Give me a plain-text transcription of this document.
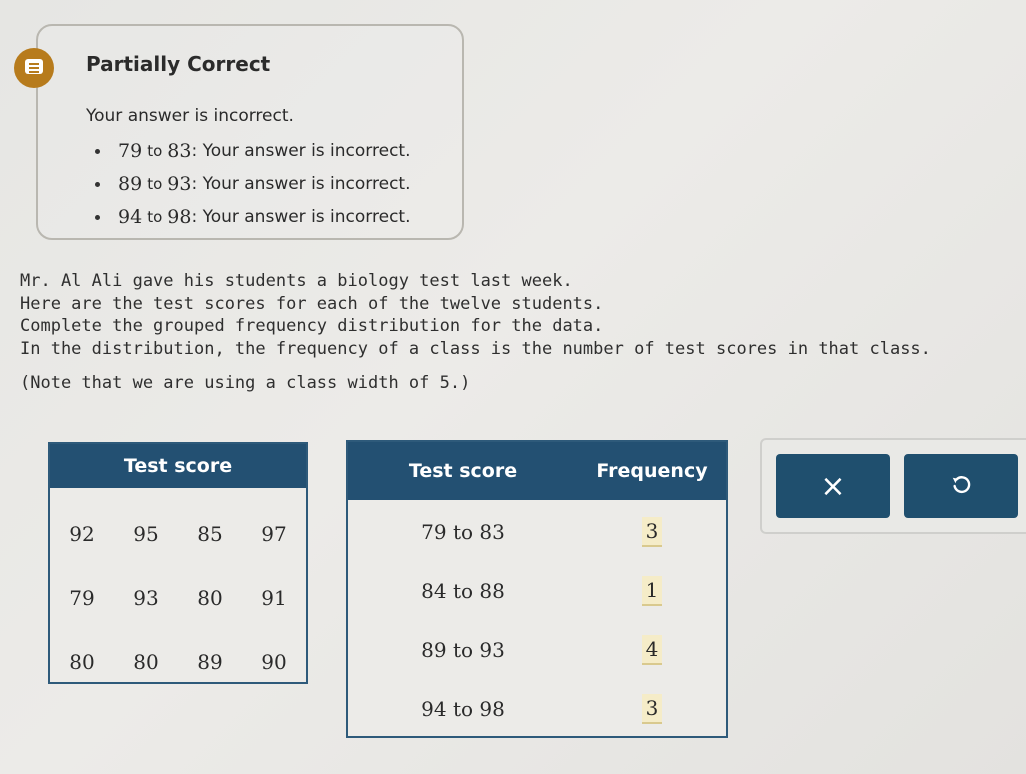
Partially Correct
Your answer is incorrect.
79 to 83 : Your answer is incorrect.
89 to 93 : Your answer is incorrect.
94 to 98 : Your answer is incorrect.
Mr. Al Ali gave his students a biology test last week.
Here are the test scores for each of the twelve students.
Complete the grouped frequency distribution for the data.
In the distribution, the frequency of a class is the number of test scores in that class.
(Note that we are using a class width of 5.)
Test score
92	95	85	97
79	93	80	91
80	80	89	90
Test score	Frequency
79 to 83	3
84 to 88	1
89 to 93	4
94 to 98	3
×
